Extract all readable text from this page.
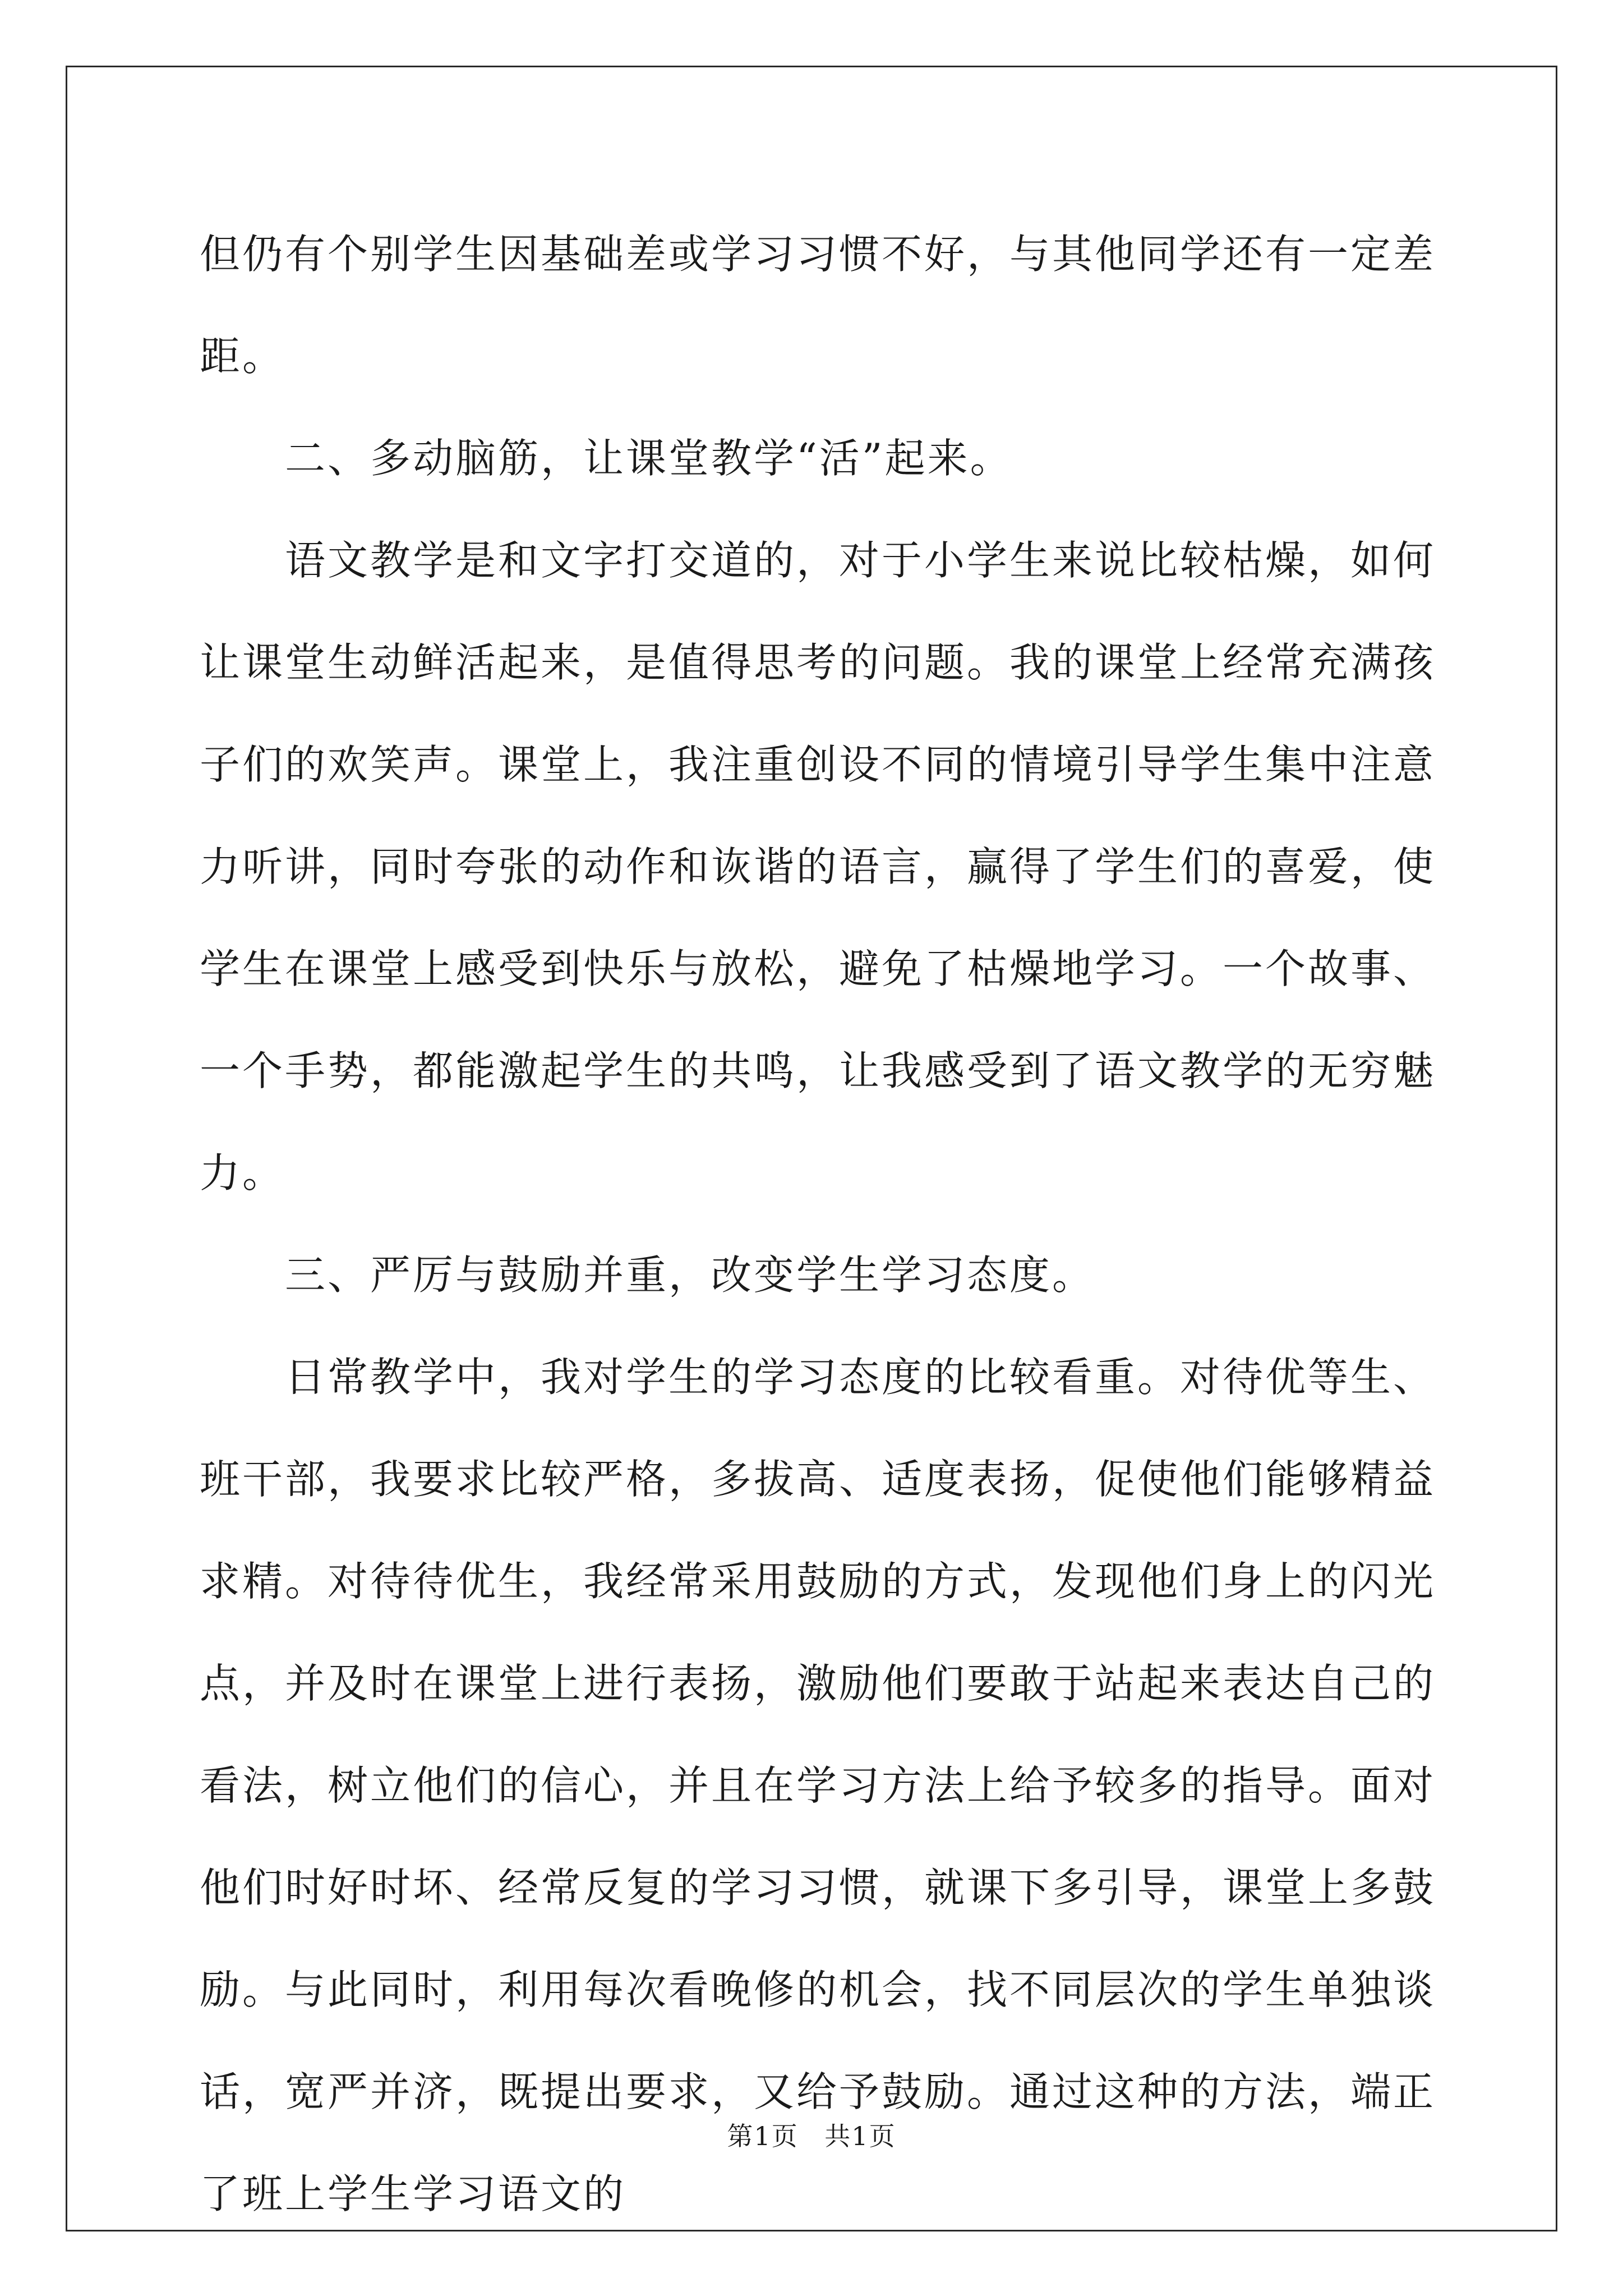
但仍有个别学生因基础差或学习习惯不好，与其他同学还有一定差距。

二、多动脑筋，让课堂教学“活”起来。

语文教学是和文字打交道的，对于小学生来说比较枯燥，如何让课堂生动鲜活起来，是值得思考的问题。我的课堂上经常充满孩子们的欢笑声。课堂上，我注重创设不同的情境引导学生集中注意力听讲，同时夸张的动作和诙谐的语言，赢得了学生们的喜爱，使学生在课堂上感受到快乐与放松，避免了枯燥地学习。一个故事、一个手势，都能激起学生的共鸣，让我感受到了语文教学的无穷魅力。

三、严厉与鼓励并重，改变学生学习态度。

日常教学中，我对学生的学习态度的比较看重。对待优等生、班干部，我要求比较严格，多拔高、适度表扬，促使他们能够精益求精。对待待优生，我经常采用鼓励的方式，发现他们身上的闪光点，并及时在课堂上进行表扬，激励他们要敢于站起来表达自己的看法，树立他们的信心，并且在学习方法上给予较多的指导。面对他们时好时坏、经常反复的学习习惯，就课下多引导，课堂上多鼓励。与此同时，利用每次看晚修的机会，找不同层次的学生单独谈话，宽严并济，既提出要求，又给予鼓励。通过这种的方法，端正了班上学生学习语文的

第1页 共1页
